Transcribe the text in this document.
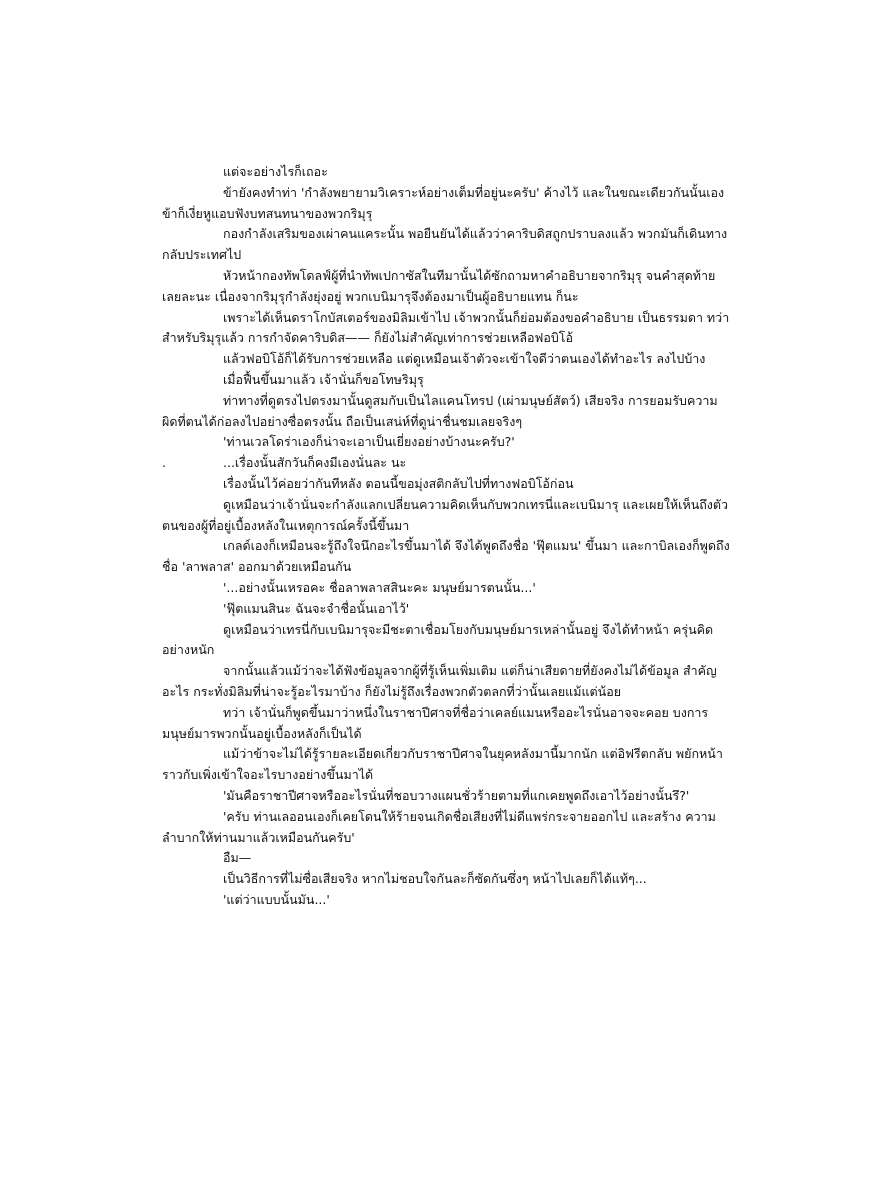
แต่จะอย่างไรก็เถอะ

ข้ายังคงทำท่า 'กำลังพยายามวิเคราะห์อย่างเต็มที่อยู่นะครับ' ค้างไว้ และในขณะเดียวกันนั้นเอง ข้าก็เงี่ยหูแอบฟังบทสนทนาของพวกริมุรุ

กองกำลังเสริมของเผ่าคนแคระนั้น พอยืนยันได้แล้วว่าคาริบดิสถูกปราบลงแล้ว พวกมันก็เดินทางกลับประเทศไป

หัวหน้ากองทัพโดลฟ์ผู้ที่นำทัพเปกาซัสในทีมานั้นได้ซักถามหาคำอธิบายจากริมุรุ จนคำสุดท้ายเลยละนะ เนื่องจากริมุรุกำลังยุ่งอยู่ พวกเบนิมารุจึงต้องมาเป็นผู้อธิบายแทน ก็นะ

เพราะได้เห็นดราโกบัสเตอร์ของมิลิมเข้าไป เจ้าพวกนั้นก็ย่อมต้องขอคำอธิบาย เป็นธรรมดา ทว่าสำหรับริมุรุแล้ว การกำจัดคาริบดิส—— ก็ยังไม่สำคัญเท่าการช่วยเหลือฟอบิโอ้

แล้วฟอบิโอ้ก็ได้รับการช่วยเหลือ แต่ดูเหมือนเจ้าตัวจะเข้าใจดีว่าตนเองได้ทำอะไร ลงไปบ้าง

เมื่อฟื้นขึ้นมาแล้ว เจ้านั่นก็ขอโทษริมุรุ

ท่าทางที่ดูตรงไปตรงมานั้นดูสมกับเป็นไลแคนโทรป (เผ่ามนุษย์สัตว์) เสียจริง การยอมรับความผิดที่ตนได้ก่อลงไปอย่างซื่อตรงนั้น ถือเป็นเสน่ห์ที่ดูน่าชื่นชมเลยจริงๆ

'ท่านเวลโดร่าเองก็น่าจะเอาเป็นเยี่ยงอย่างบ้างนะครับ?'

.	...เรื่องนั้นสักวันก็คงมีเองนั่นละ นะ

เรื่องนั้นไว้ค่อยว่ากันทีหลัง ตอนนี้ขอมุ่งสติกลับไปที่ทางฟอบิโอ้ก่อน

ดูเหมือนว่าเจ้านั่นจะกำลังแลกเปลี่ยนความคิดเห็นกับพวกเทรนี่และเบนิมารุ และเผยให้เห็นถึงตัวตนของผู้ที่อยู่เบื้องหลังในเหตุการณ์ครั้งนี้ขึ้นมา

เกลด์เองก็เหมือนจะรู้ถึงใจนึกอะไรขึ้นมาได้ จึงได้พูดถึงชื่อ 'ฟุ๊ตแมน' ขึ้นมา และกาบิลเองก็พูดถึงชื่อ 'ลาพลาส' ออกมาด้วยเหมือนกัน

'...อย่างนั้นเหรอคะ ชื่อลาพลาสสินะคะ มนุษย์มารตนนั้น...'

'ฟุ๊ตแมนสินะ ฉันจะจำชื่อนั้นเอาไว้'

ดูเหมือนว่าเทรนี่กับเบนิมารุจะมีชะตาเชื่อมโยงกับมนุษย์มารเหล่านั้นอยู่ จึงได้ทำหน้า ครุ่นคิดอย่างหนัก

จากนั้นแล้วแม้ว่าจะได้ฟังข้อมูลจากผู้ที่รู้เห็นเพิ่มเติม แต่ก็น่าเสียดายที่ยังคงไม่ได้ข้อมูล สำคัญอะไร กระทั่งมิลิมที่น่าจะรู้อะไรมาบ้าง ก็ยังไม่รู้ถึงเรื่องพวกตัวตลกที่ว่านั้นเลยแม้แต่น้อย

ทว่า เจ้านั่นก็พูดขึ้นมาว่าหนึ่งในราชาปีศาจที่ชื่อว่าเคลย์แมนหรืออะไรนั่นอาจจะคอย บงการมนุษย์มารพวกนั้นอยู่เบื้องหลังก็เป็นได้

แม้ว่าข้าจะไม่ได้รู้รายละเอียดเกี่ยวกับราชาปีศาจในยุคหลังมานี้มากนัก แต่อิฟรีตกลับ พยักหน้าราวกับเพิ่งเข้าใจอะไรบางอย่างขึ้นมาได้

'มันคือราชาปีศาจหรืออะไรนั่นที่ชอบวางแผนชั่วร้ายตามที่แกเคยพูดถึงเอาไว้อย่างนั้นรึ?'

'ครับ ท่านเลออนเองก็เคยโดนให้ร้ายจนเกิดชื่อเสียงที่ไม่ดีแพร่กระจายออกไป และสร้าง ความลำบากให้ท่านมาแล้วเหมือนกันครับ'

อืม—

เป็นวิธีการที่ไม่ซื่อเสียจริง หากไม่ชอบใจกันละก็ซัดกันซึ่งๆ หน้าไปเลยก็ได้แท้ๆ...

'แต่ว่าแบบนั้นมัน...'
